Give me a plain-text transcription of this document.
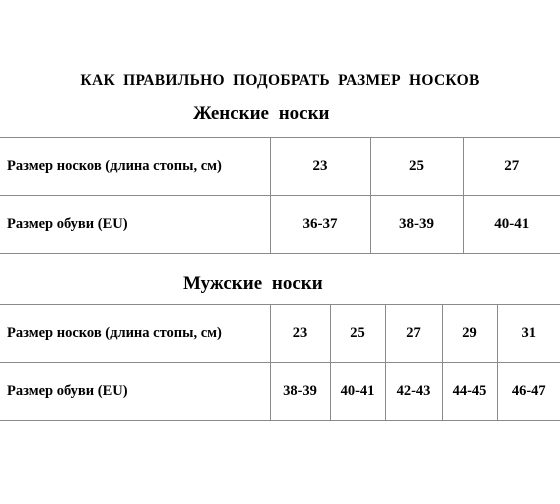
КАК ПРАВИЛЬНО ПОДОБРАТЬ РАЗМЕР НОСКОВ
Женские носки
Размер носков (длина стопы, см)	23	25	27
Размер обуви (EU)	36-37	38-39	40-41
Мужские носки
Размер носков (длина стопы, см)	23	25	27	29	31
Размер обуви (EU)	38-39	40-41	42-43	44-45	46-47
